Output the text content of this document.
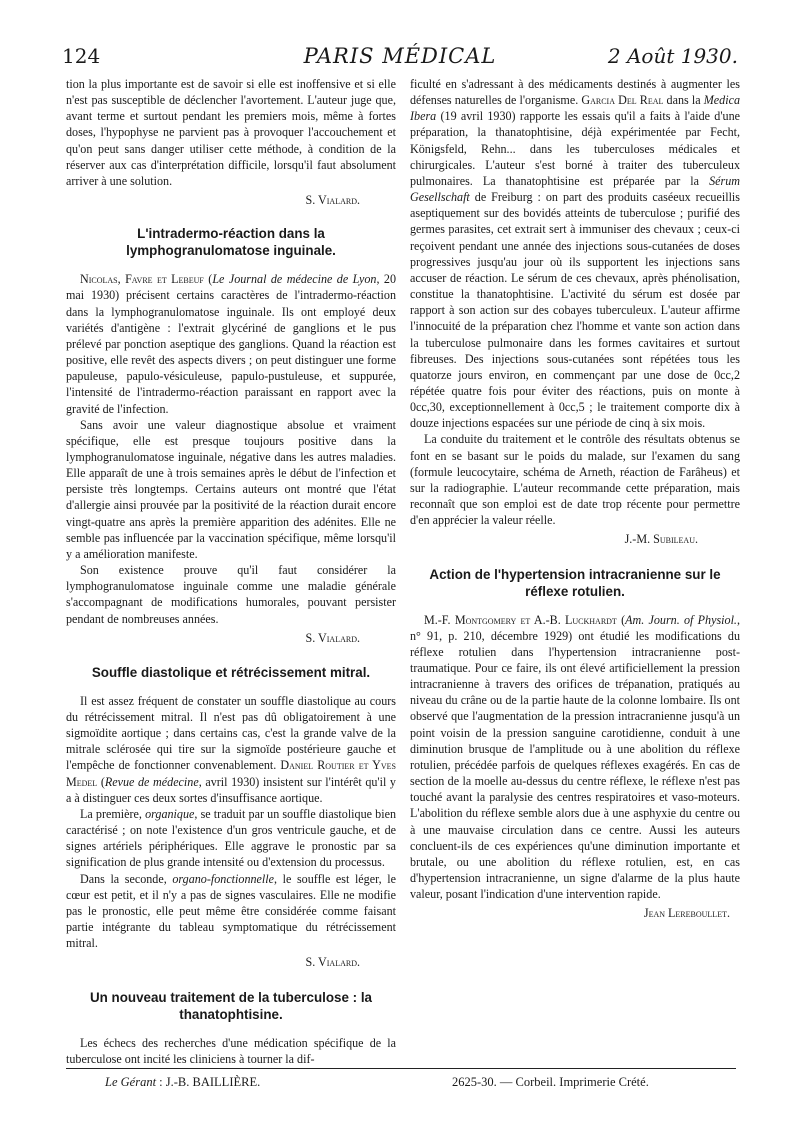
124	PARIS MÉDICAL	2 Août 1930.

tion la plus importante est de savoir si elle est inoffensive et si elle n'est pas susceptible de déclencher l'avortement. L'auteur juge que, avant terme et surtout pendant les premiers mois, même à fortes doses, l'hypophyse ne parvient pas à provoquer l'accouchement et qu'on peut sans danger utiliser cette méthode, à condition de la réserver aux cas d'interprétation difficile, lorsqu'il faut absolument arriver à une solution.

S. Vialard.
L'intradermo-réaction dans la lymphogranulomatose inguinale.

Nicolas, Favre et Lebeuf (Le Journal de médecine de Lyon, 20 mai 1930) précisent certains caractères de l'intradermo-réaction dans la lymphogranulomatose inguinale. Ils ont employé deux variétés d'antigène : l'extrait glycériné de ganglions et le pus prélevé par ponction aseptique des ganglions. Quand la réaction est positive, elle revêt des aspects divers ; on peut distinguer une forme papuleuse, papulo-vésiculeuse, papulo-pustuleuse, et suppurée, l'intensité de l'intradermo-réaction paraissant en rapport avec la gravité de l'infection.

Sans avoir une valeur diagnostique absolue et vraiment spécifique, elle est presque toujours positive dans la lymphogranulomatose inguinale, négative dans les autres maladies. Elle apparaît de une à trois semaines après le début de l'infection et persiste très longtemps. Certains auteurs ont montré que l'état d'allergie ainsi prouvée par la positivité de la réaction durait encore vingt-quatre ans après la première apparition des adénites. Elle ne semble pas influencée par la vaccination spécifique, même lorsqu'il y a amélioration manifeste.

Son existence prouve qu'il faut considérer la lymphogranulomatose inguinale comme une maladie générale s'accompagnant de modifications humorales, pouvant persister pendant de nombreuses années.

S. Vialard.
Souffle diastolique et rétrécissement mitral.

Il est assez fréquent de constater un souffle diastolique au cours du rétrécissement mitral. Il n'est pas dû obligatoirement à une sigmoïdite aortique ; dans certains cas, c'est la grande valve de la mitrale sclérosée qui tire sur la sigmoïde postérieure gauche et l'empêche de fonctionner convenablement. Daniel Routier et Yves Medel (Revue de médecine, avril 1930) insistent sur l'intérêt qu'il y a à distinguer ces deux sortes d'insuffisance aortique.

La première, organique, se traduit par un souffle diastolique bien caractérisé ; on note l'existence d'un gros ventricule gauche, et de signes artériels périphériques. Elle aggrave le pronostic par sa signification de plus grande intensité ou d'extension du processus.

Dans la seconde, organo-fonctionnelle, le souffle est léger, le cœur est petit, et il n'y a pas de signes vasculaires. Elle ne modifie pas le pronostic, elle peut même être considérée comme faisant partie intégrante du tableau symptomatique du rétrécissement mitral.

S. Vialard.
Un nouveau traitement de la tuberculose : la thanatophtisine.

Les échecs des recherches d'une médication spécifique de la tuberculose ont incité les cliniciens à tourner la dif-

ficulté en s'adressant à des médicaments destinés à augmenter les défenses naturelles de l'organisme. Garcia Del Real dans la Medica Ibera (19 avril 1930) rapporte les essais qu'il a faits à l'aide d'une préparation, la thanatophtisine, déjà expérimentée par Fecht, Königsfeld, Rehn... dans les tuberculoses médicales et chirurgicales. L'auteur s'est borné à traiter des tuberculeux pulmonaires. La thanatophtisine est préparée par la Sérum Gesellschaft de Freiburg : on part des produits caséeux recueillis aseptiquement sur des bovidés atteints de tuberculose ; purifié des germes parasites, cet extrait sert à immuniser des chevaux ; ceux-ci reçoivent pendant une année des injections sous-cutanées de doses progressives jusqu'au jour où ils supportent les injections sans accuser de réaction. Le sérum de ces chevaux, après phénolisation, constitue la thanatophtisine. L'activité du sérum est dosée par rapport à son action sur des cobayes tuberculeux. L'auteur affirme l'innocuité de la préparation chez l'homme et vante son action dans la tuberculose pulmonaire dans les formes cavitaires et surtout fibreuses. Des injections sous-cutanées sont répétées tous les quatorze jours environ, en commençant par une dose de 0cc,2 répétée quatre fois pour éviter des réactions, puis on monte à 0cc,30, exceptionnellement à 0cc,5 ; le traitement comporte dix à douze injections espacées sur une période de cinq à six mois.

La conduite du traitement et le contrôle des résultats obtenus se font en se basant sur le poids du malade, sur l'examen du sang (formule leucocytaire, schéma de Arneth, réaction de Farâheus) et sur la radiographie. L'auteur recommande cette préparation, mais reconnaît que son emploi est de date trop récente pour permettre d'en apprécier la valeur réelle.

J.-M. Subileau.
Action de l'hypertension intracranienne sur le réflexe rotulien.

M.-F. Montgomery et A.-B. Luckhardt (Am. Journ. of Physiol., n° 91, p. 210, décembre 1929) ont étudié les modifications du réflexe rotulien dans l'hypertension intracranienne post-traumatique. Pour ce faire, ils ont élevé artificiellement la pression intracranienne à travers des orifices de trépanation, pratiqués au niveau du crâne ou de la partie haute de la colonne lombaire. Ils ont observé que l'augmentation de la pression intracranienne jusqu'à un point voisin de la pression sanguine carotidienne, conduit à une diminution brusque de l'amplitude ou à une abolition du réflexe rotulien, précédée parfois de quelques réflexes exagérés. En cas de section de la moelle au-dessus du centre réflexe, le réflexe n'est pas touché avant la paralysie des centres respiratoires et vaso-moteurs. L'abolition du réflexe semble alors due à une asphyxie du centre ou à une mauvaise circulation dans ce centre. Aussi les auteurs concluent-ils de ces expériences qu'une diminution importante et brutale, ou une abolition du réflexe rotulien, est, en cas d'hypertension intracranienne, un signe d'alarme de la plus haute valeur, posant l'indication d'une intervention rapide.

Jean Lereboullet.
Le Gérant : J.-B. BAILLIÈRE.	2625-30. — Corbeil. Imprimerie Crété.
